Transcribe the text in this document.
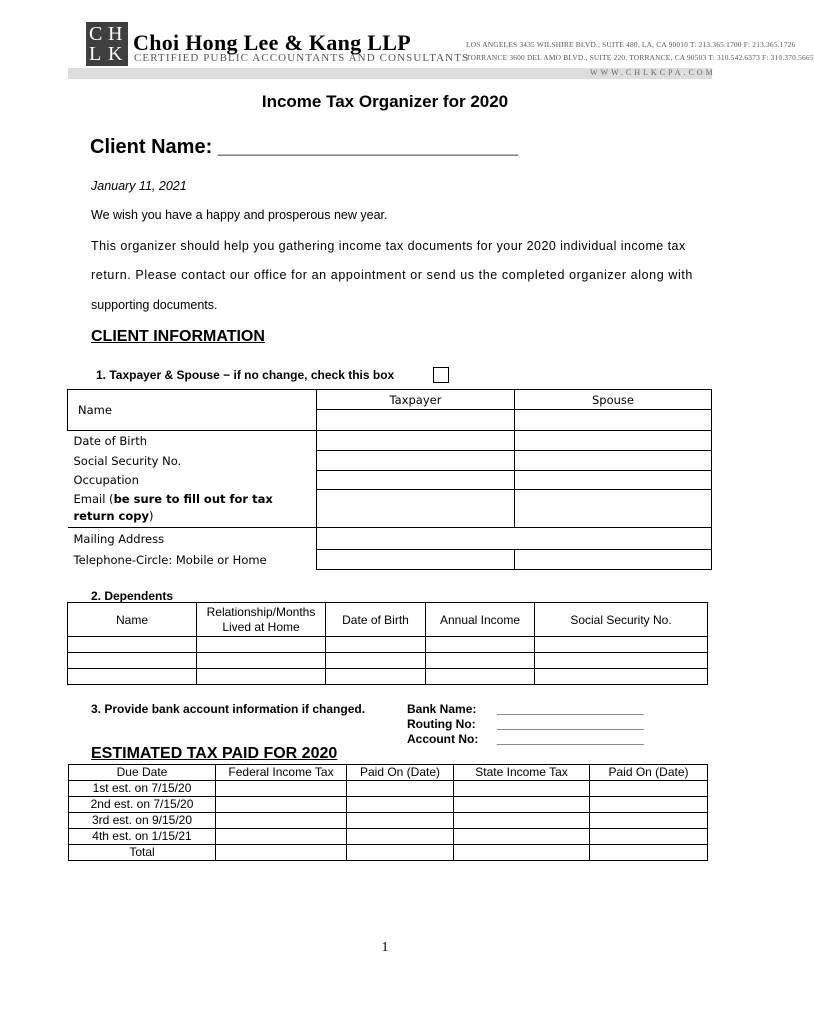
C H
L K Choi Hong Lee & Kang LLP
CERTIFIED PUBLIC ACCOUNTANTS AND CONSULTANTS
LOS ANGELES 3435 WILSHIRE BLVD., SUITE 480, LA, CA 90010 T: 213.365.1700 F: 213.365.1726
TORRANCE 3600 DEL AMO BLVD., SUITE 220, TORRANCE, CA 90503 T: 310.542.6373 F: 310.370.5665
WWW.CHLKCPA.COM
Income Tax Organizer for 2020
Client Name: ___________________________
January 11, 2021
We wish you have a happy and prosperous new year.
This organizer should help you gathering income tax documents for your 2020 individual income tax
return. Please contact our office for an appointment or send us the completed organizer along with
supporting documents.
CLIENT INFORMATION
1. Taxpayer & Spouse − if no change, check this box
Name	Taxpayer	Spouse

Date of Birth		
Social Security No.		
Occupation		
Email (be sure to fill out for tax return copy)		
Mailing Address		
Telephone-Circle: Mobile or Home		
2. Dependents
Name	Relationship/Months
Lived at Home	Date of Birth	Annual Income	Social Security No.

3. Provide bank account information if changed.	Bank Name:
Routing No:
Account No:
______________________
______________________
______________________
ESTIMATED TAX PAID FOR 2020
Due Date	Federal Income Tax	Paid On (Date)	State Income Tax	Paid On (Date)
1st est. on 7/15/20				
2nd est. on 7/15/20				
3rd est. on 9/15/20				
4th est. on 1/15/21				
Total				
1
